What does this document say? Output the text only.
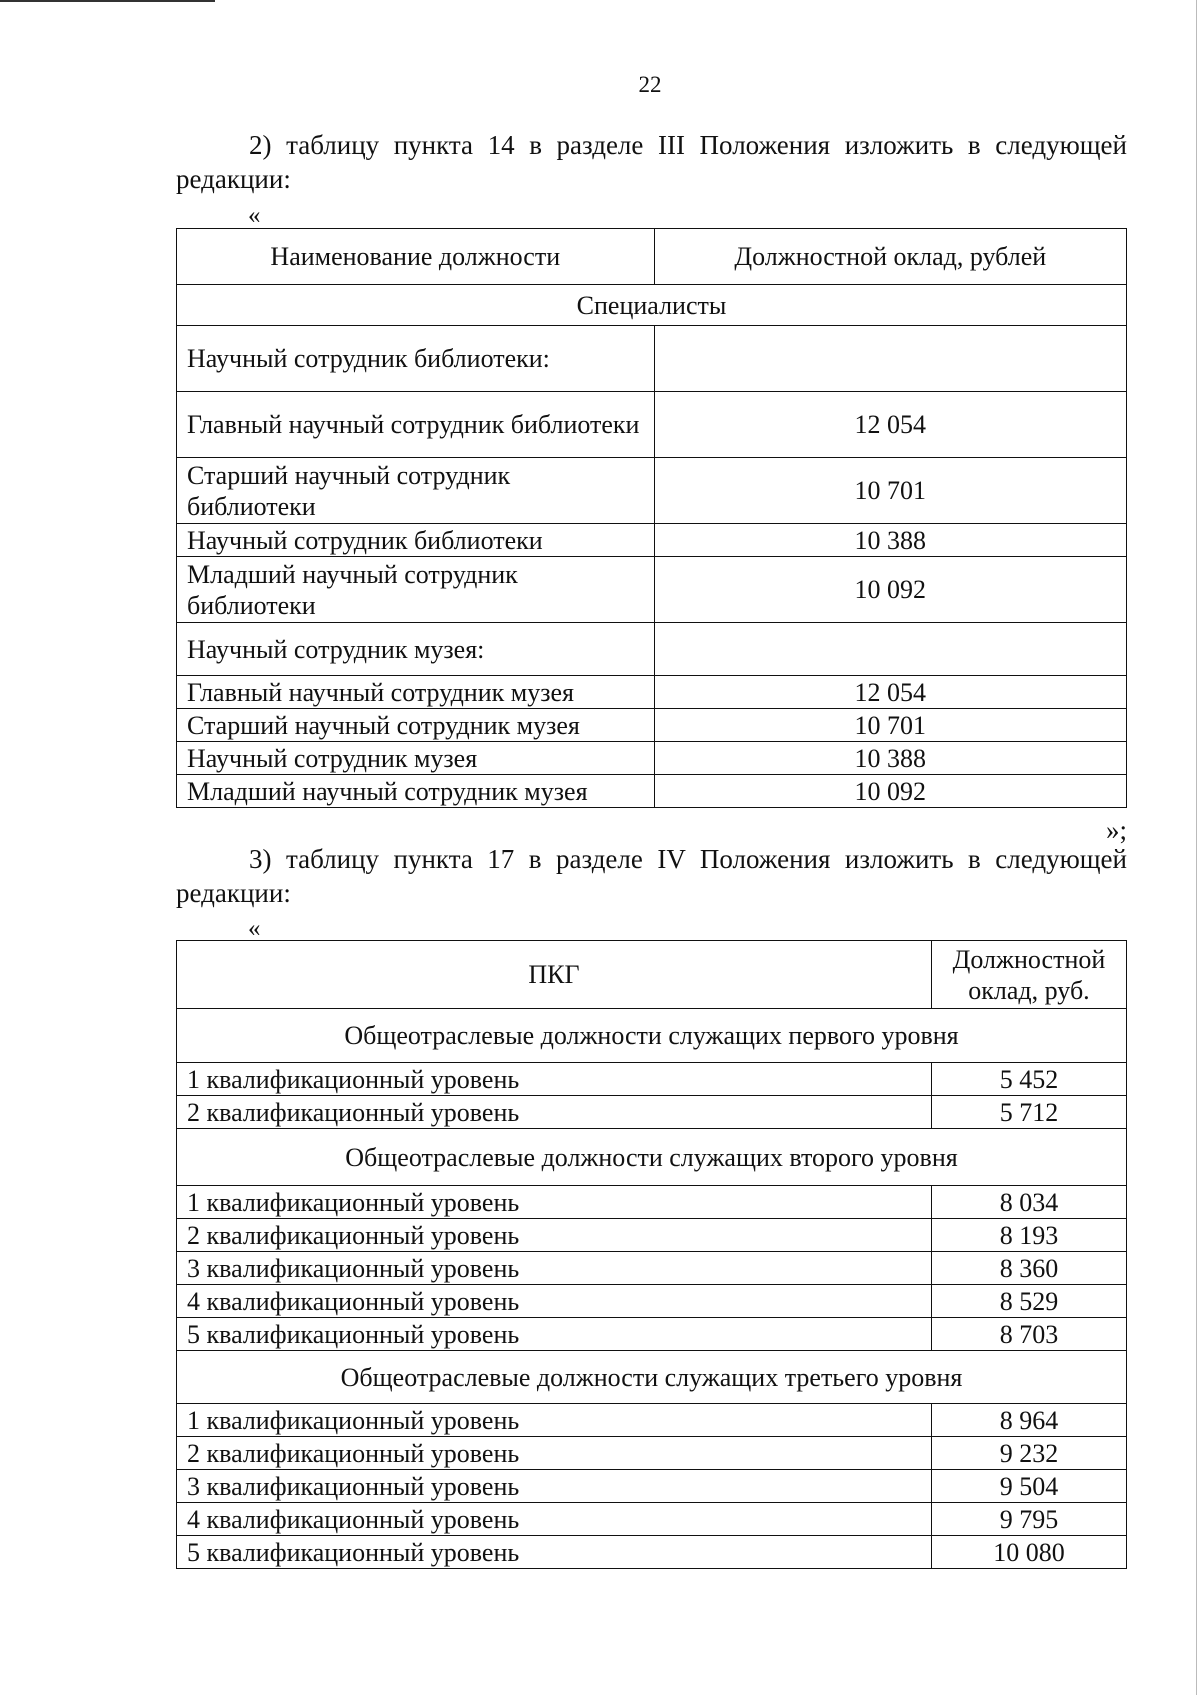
22
2) таблицу пункта 14 в разделе III Положения изложить в следующей
редакции:
«
Наименование должности	Должностной оклад, рублей
Специалисты	
Научный сотрудник библиотеки:	
Главный научный сотрудник библиотеки	12 054
Старший научный сотрудник библиотеки	10 701
Научный сотрудник библиотеки	10 388
Младший научный сотрудник библиотеки	10 092
Научный сотрудник музея:	
Главный научный сотрудник музея	12 054
Старший научный сотрудник музея	10 701
Научный сотрудник музея	10 388
Младший научный сотрудник музея	10 092
»;
3) таблицу пункта 17 в разделе IV Положения изложить в следующей
редакции:
«
ПКГ	Должностной оклад, руб.
Общеотраслевые должности служащих первого уровня	
1 квалификационный уровень	5 452
2 квалификационный уровень	5 712
Общеотраслевые должности служащих второго уровня	
1 квалификационный уровень	8 034
2 квалификационный уровень	8 193
3 квалификационный уровень	8 360
4 квалификационный уровень	8 529
5 квалификационный уровень	8 703
Общеотраслевые должности служащих третьего уровня	
1 квалификационный уровень	8 964
2 квалификационный уровень	9 232
3 квалификационный уровень	9 504
4 квалификационный уровень	9 795
5 квалификационный уровень	10 080
